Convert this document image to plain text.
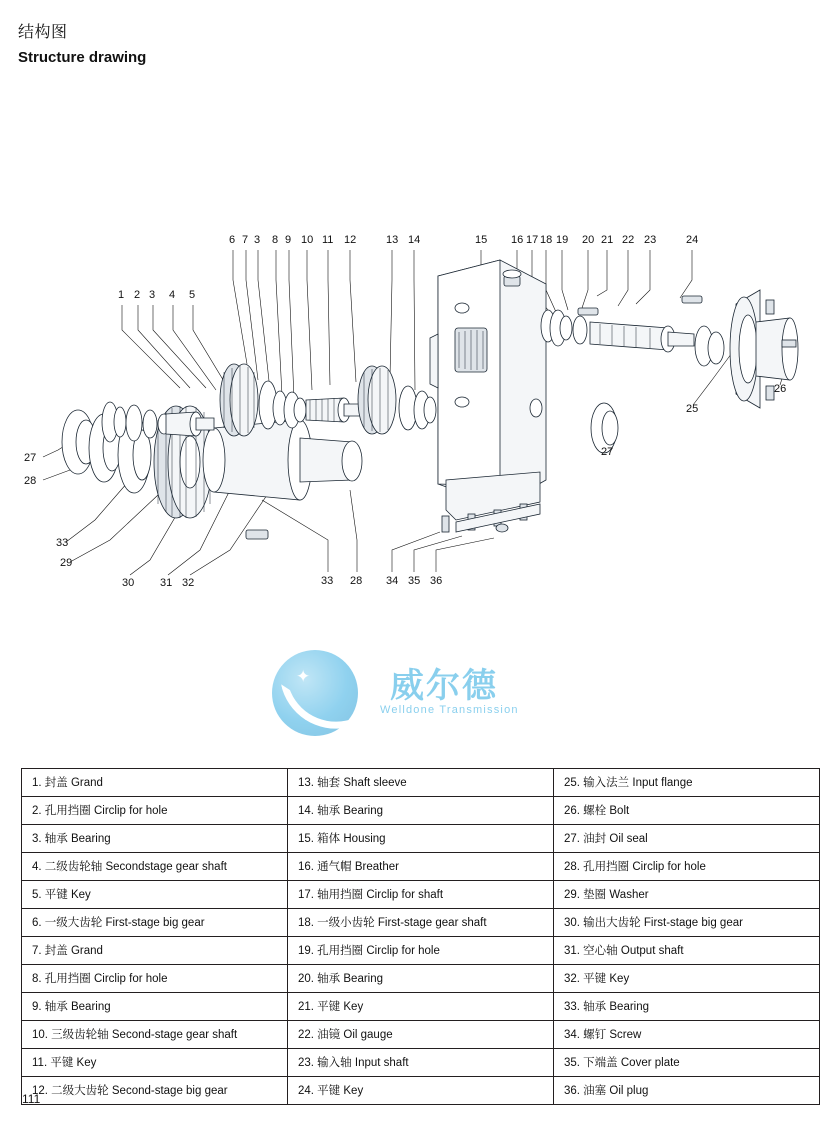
结构图
Structure drawing
1 2 3 4 5
6 7 3 8 9 10 11 12	13 14	15 16 17 18 19 20 21 22 23	24
25
26
27
27
28
33
29
30 31 32	33 28 34 35 36
✦ 威尔德
Welldone Transmission
1. 封盖 Grand	13. 轴套 Shaft sleeve	25. 输入法兰 Input flange
2. 孔用挡圈 Circlip for hole	14. 轴承 Bearing	26. 螺栓 Bolt
3. 轴承 Bearing	15. 箱体 Housing	27. 油封 Oil seal
4. 二级齿轮轴 Secondstage gear shaft	16. 通气帽 Breather	28. 孔用挡圈 Circlip for hole
5. 平键 Key	17. 轴用挡圈 Circlip for shaft	29. 垫圈 Washer
6. 一级大齿轮 First-stage big gear	18. 一级小齿轮 First-stage gear shaft	30. 输出大齿轮 First-stage big gear
7. 封盖 Grand	19. 孔用挡圈 Circlip for hole	31. 空心轴 Output shaft
8. 孔用挡圈 Circlip for hole	20. 轴承 Bearing	32. 平键 Key
9. 轴承 Bearing	21. 平键 Key	33. 轴承 Bearing
10. 三级齿轮轴 Second-stage gear shaft	22. 油镜 Oil gauge	34. 螺钉 Screw
11. 平键 Key	23. 输入轴 Input shaft	35. 下端盖 Cover plate
12. 二级大齿轮 Second-stage big gear	24. 平键 Key	36. 油塞 Oil plug
111
